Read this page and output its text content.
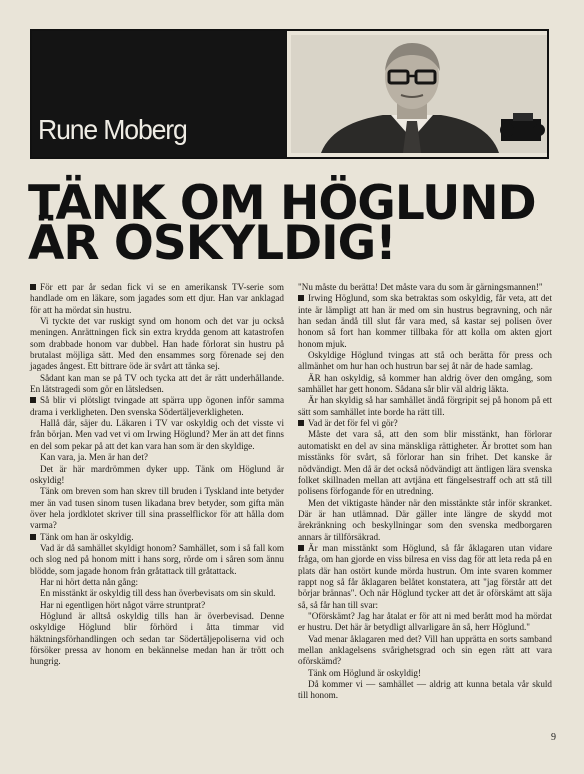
Rune Moberg
TÄNK OM HÖGLUND
ÄR OSKYLDIG!

För ett par år sedan fick vi se en amerikansk TV-serie som handlade om en läkare, som jagades som ett djur. Han var anklagad för att ha mördat sin hustru.

Vi tyckte det var ruskigt synd om honom och det var ju också meningen. Anrättningen fick sin extra krydda genom att katastrofen som drabbade honom var dubbel. Han hade förlorat sin hustru på brutalast möjliga sätt. Med den ensammes sorg förenade sej den jagades ångest. Ett bittrare öde är svårt att tänka sej.

Sådant kan man se på TV och tycka att det är rätt underhållande. En lätstragedi som gör en lätsledsen.

Så blir vi plötsligt tvingade att spärra upp ögonen inför samma drama i verkligheten. Den svenska Södertäljeverkligheten.

Hallå där, säjer du. Läkaren i TV var oskyldig och det visste vi från början. Men vad vet vi om Irwing Höglund? Mer än att det finns en del som pekar på att det kan vara han som är den skyldige.

Kan vara, ja. Men är han det?

Det är här mardrömmen dyker upp. Tänk om Höglund är oskyldig!

Tänk om breven som han skrev till bruden i Tyskland inte betyder mer än vad tusen sinom tusen likadana brev betyder, som gifta män över hela jordklotet skriver till sina prasselflickor för att hålla dom varma?

Tänk om han är oskyldig.

Vad är då samhället skyldigt honom? Samhället, som i så fall kom och slog ned på honom mitt i hans sorg, rörde om i såren som ännu blödde, som jagade honom från gråtattack till gråtattack.

Har ni hört detta nån gång:

En misstänkt är oskyldig till dess han överbevisats om sin skuld.

Har ni egentligen hört något värre struntprat?

Höglund är alltså oskyldig tills han är överbevisad. Denne oskyldige Höglund blir förhörd i åtta timmar vid häktningsförhandlingen och sedan tar Södertäljepoliserna vid och försöker pressa av honom en bekännelse medan han är trött och hungrig.

"Nu måste du berätta! Det måste vara du som är gärningsmannen!"

Irwing Höglund, som ska betraktas som oskyldig, får veta, att det inte är lämpligt att han är med om sin hustrus begravning, och när han sedan ändå till slut får vara med, så kastar sej polisen över honom så fort han kommer tillbaka för att kolla om akten gjort honom mjuk.

Oskyldige Höglund tvingas att stå och berätta för press och allmänhet om hur han och hustrun bar sej åt när de hade samlag.

ÄR han oskyldig, så kommer han aldrig över den omgång, som samhället har gett honom. Sådana sår blir väl aldrig läkta.

Är han skyldig så har samhället ändå förgripit sej på honom på ett sätt som samhället inte borde ha rätt till.

Vad är det för fel vi gör?

Måste det vara så, att den som blir misstänkt, han förlorar automatiskt en del av sina mänskliga rättigheter. Är brottet som han misstänks för svårt, så förlorar han sin frihet. Det kanske är nödvändigt. Men då är det också nödvändigt att äntligen lära svenska folket skillnaden mellan att avtjäna ett fängelsestraff och att stå till polisens förfogande för en utredning.

Men det viktigaste händer när den misstänkte står inför skranket. Där är han utlämnad. Där gäller inte längre de skydd mot ärekränkning och beskyllningar som den svenska medborgaren annars är tillförsäkrad.

Är man misstänkt som Höglund, så får åklagaren utan vidare fråga, om han gjorde en viss bilresa en viss dag för att leta reda på en plats där han ostört kunde mörda hustrun. Om inte svaren kommer rappt nog så får åklagaren belåtet konstatera, att "jag förstår att det börjar brännas". Och när Höglund tycker att det är oförskämt att säja så, så får han till svar:

"Oförskämt? Jag har åtalat er för att ni med berått mod ha mördat er hustru. Det här är betydligt allvarligare än så, herr Höglund."

Vad menar åklagaren med det? Vill han upprätta en sorts samband mellan anklagelsens svårighetsgrad och sin egen rätt att vara oförskämd?

Tänk om Höglund är oskyldig!

Då kommer vi — samhället — aldrig att kunna betala vår skuld till honom.

9
